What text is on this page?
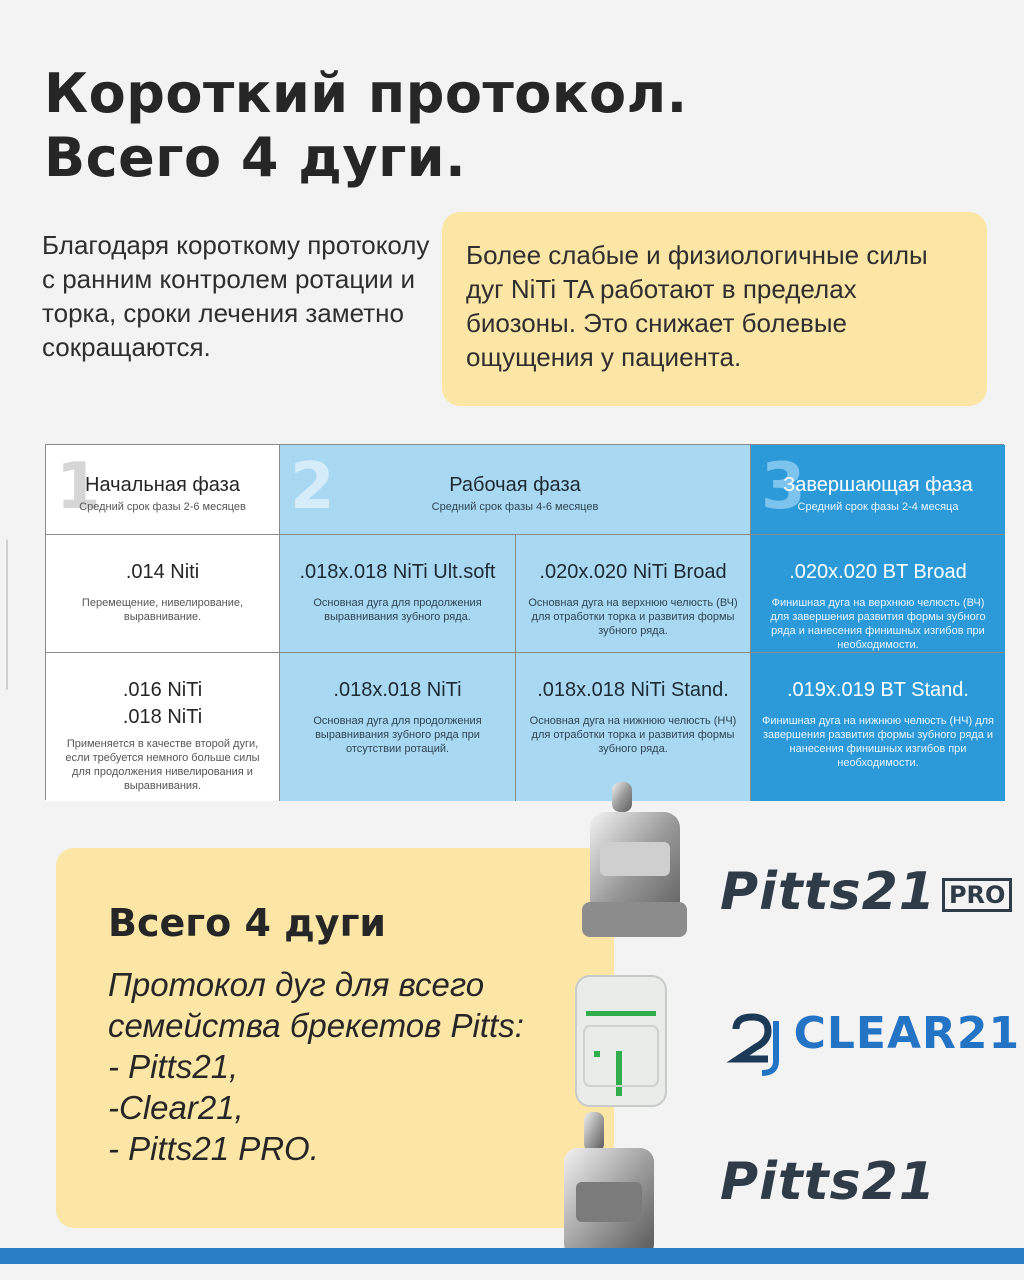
Короткий протокол.
Всего 4 дуги.

Благодаря короткому протоколу с ранним контролем ротации и торка, сроки лечения заметно сокращаются.

Более слабые и физиологичные силы дуг NiTi TA работают в пределах биозоны. Это снижает болевые ощущения у пациента.

1
Начальная фаза
Средний срок фазы 2-6 месяцев 2	Рабочая фаза
Средний срок фазы 4-6 месяцев	3
Завершающая фаза
Средний срок фазы 2-4 месяца
.014 Niti
Перемещение, нивелирование, выравнивание.
.018x.018 NiTi Ult.soft
Основная дуга для продолжения выравнивания зубного ряда.
.020x.020 NiTi Broad
Основная дуга на верхнюю челюсть (ВЧ) для отработки торка и развития формы зубного ряда.
.020x.020 BT Broad
Финишная дуга на верхнюю челюсть (ВЧ) для завершения развития формы зубного ряда и нанесения финишных изгибов при необходимости.
.016 NiTi
.018 NiTi
Применяется в качестве второй дуги, если требуется немного больше силы для продолжения нивелирования и выравнивания.
.018x.018 NiTi
Основная дуга для продолжения выравнивания зубного ряда при отсутствии ротаций.
.018x.018 NiTi Stand.
Основная дуга на нижнюю челюсть (НЧ) для отработки торка и развития формы зубного ряда.
.019x.019 BT Stand.
Финишная дуга на нижнюю челюсть (НЧ) для завершения развития формы зубного ряда и нанесения финишных изгибов при необходимости.
Всего 4 дуги
Протокол дуг для всего
семейства брекетов Pitts:
- Pitts21,
-Clear21,
- Pitts21 PRO.
Pitts21 PRO
CLEAR21
Pitts21
